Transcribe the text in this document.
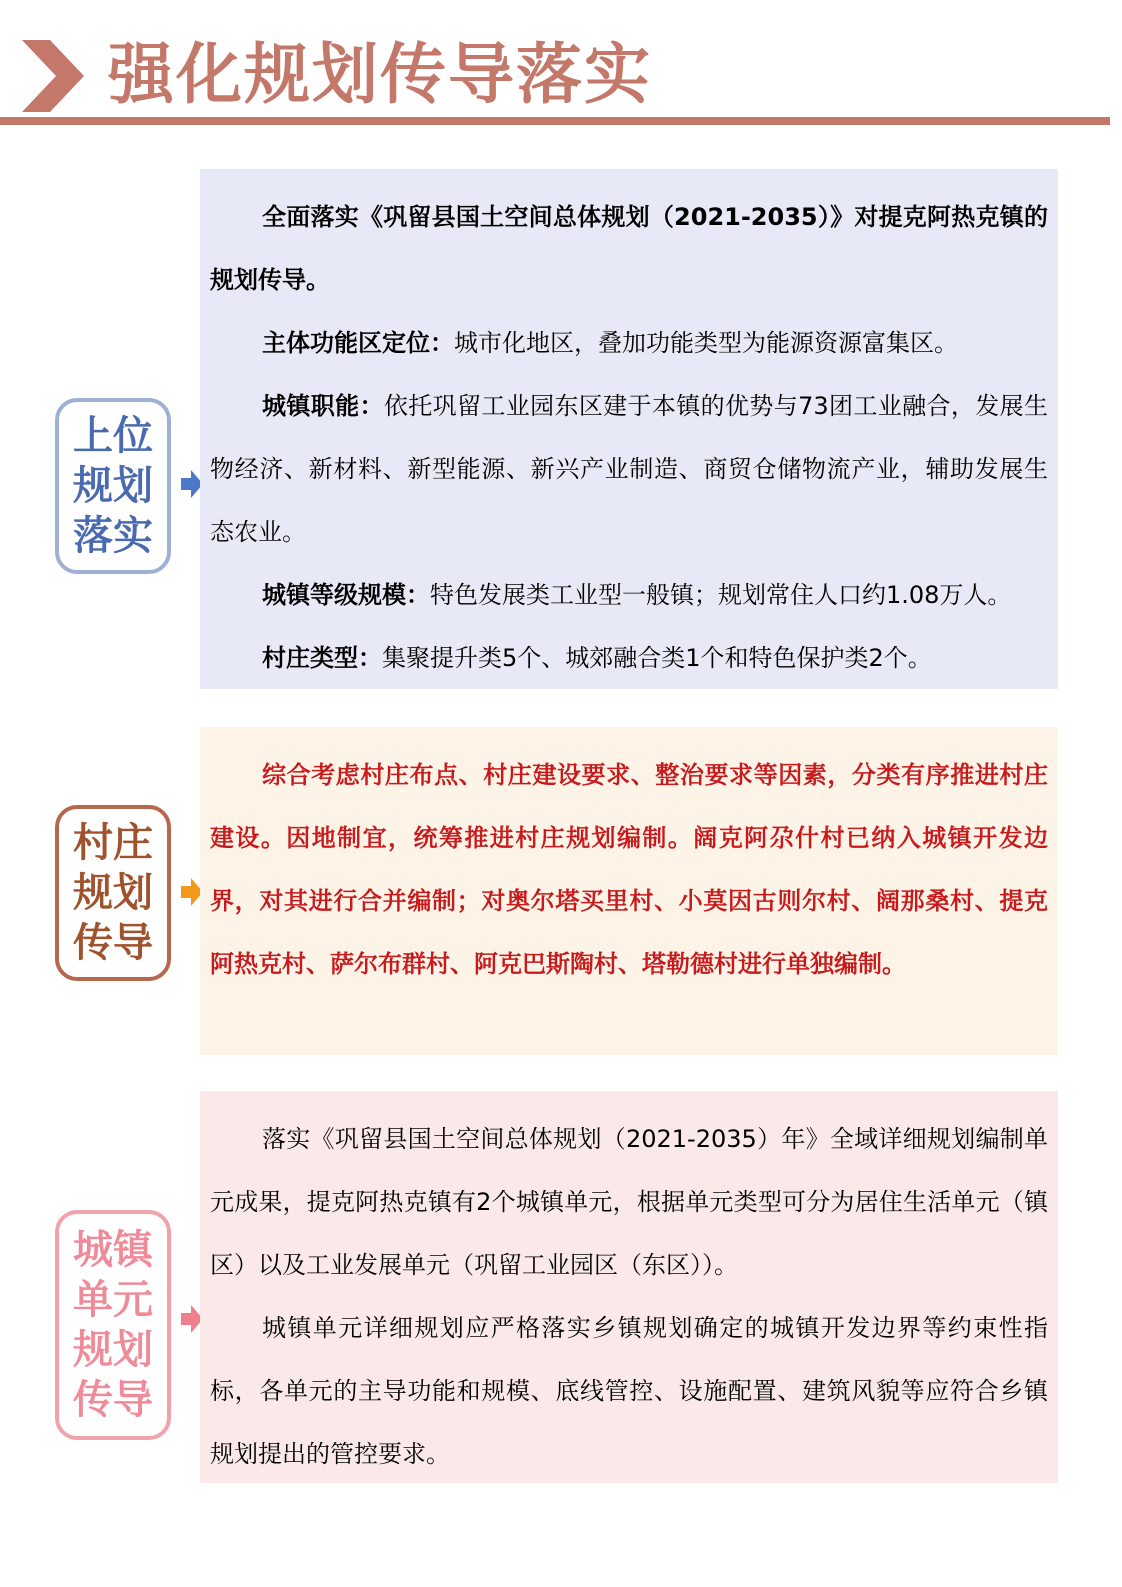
强化规划传导落实
上位
规划
落实

全面落实《巩留县国土空间总体规划（2021-2035）》对提克阿热克镇的规划传导。

主体功能区定位：城市化地区，叠加功能类型为能源资源富集区。

城镇职能：依托巩留工业园东区建于本镇的优势与73团工业融合，发展生物经济、新材料、新型能源、新兴产业制造、商贸仓储物流产业，辅助发展生态农业。

城镇等级规模：特色发展类工业型一般镇；规划常住人口约1.08万人。

村庄类型：集聚提升类5个、城郊融合类1个和特色保护类2个。

村庄
规划
传导

综合考虑村庄布点、村庄建设要求、整治要求等因素，分类有序推进村庄建设。因地制宜，统筹推进村庄规划编制。阔克阿尕什村已纳入城镇开发边界，对其进行合并编制；对奥尔塔买里村、小莫因古则尔村、阔那桑村、提克阿热克村、萨尔布群村、阿克巴斯陶村、塔勒德村进行单独编制。

城镇
单元
规划
传导

落实《巩留县国土空间总体规划（2021-2035）年》全域详细规划编制单元成果，提克阿热克镇有2个城镇单元，根据单元类型可分为居住生活单元（镇区）以及工业发展单元（巩留工业园区（东区））。

城镇单元详细规划应严格落实乡镇规划确定的城镇开发边界等约束性指标，各单元的主导功能和规模、底线管控、设施配置、建筑风貌等应符合乡镇规划提出的管控要求。
